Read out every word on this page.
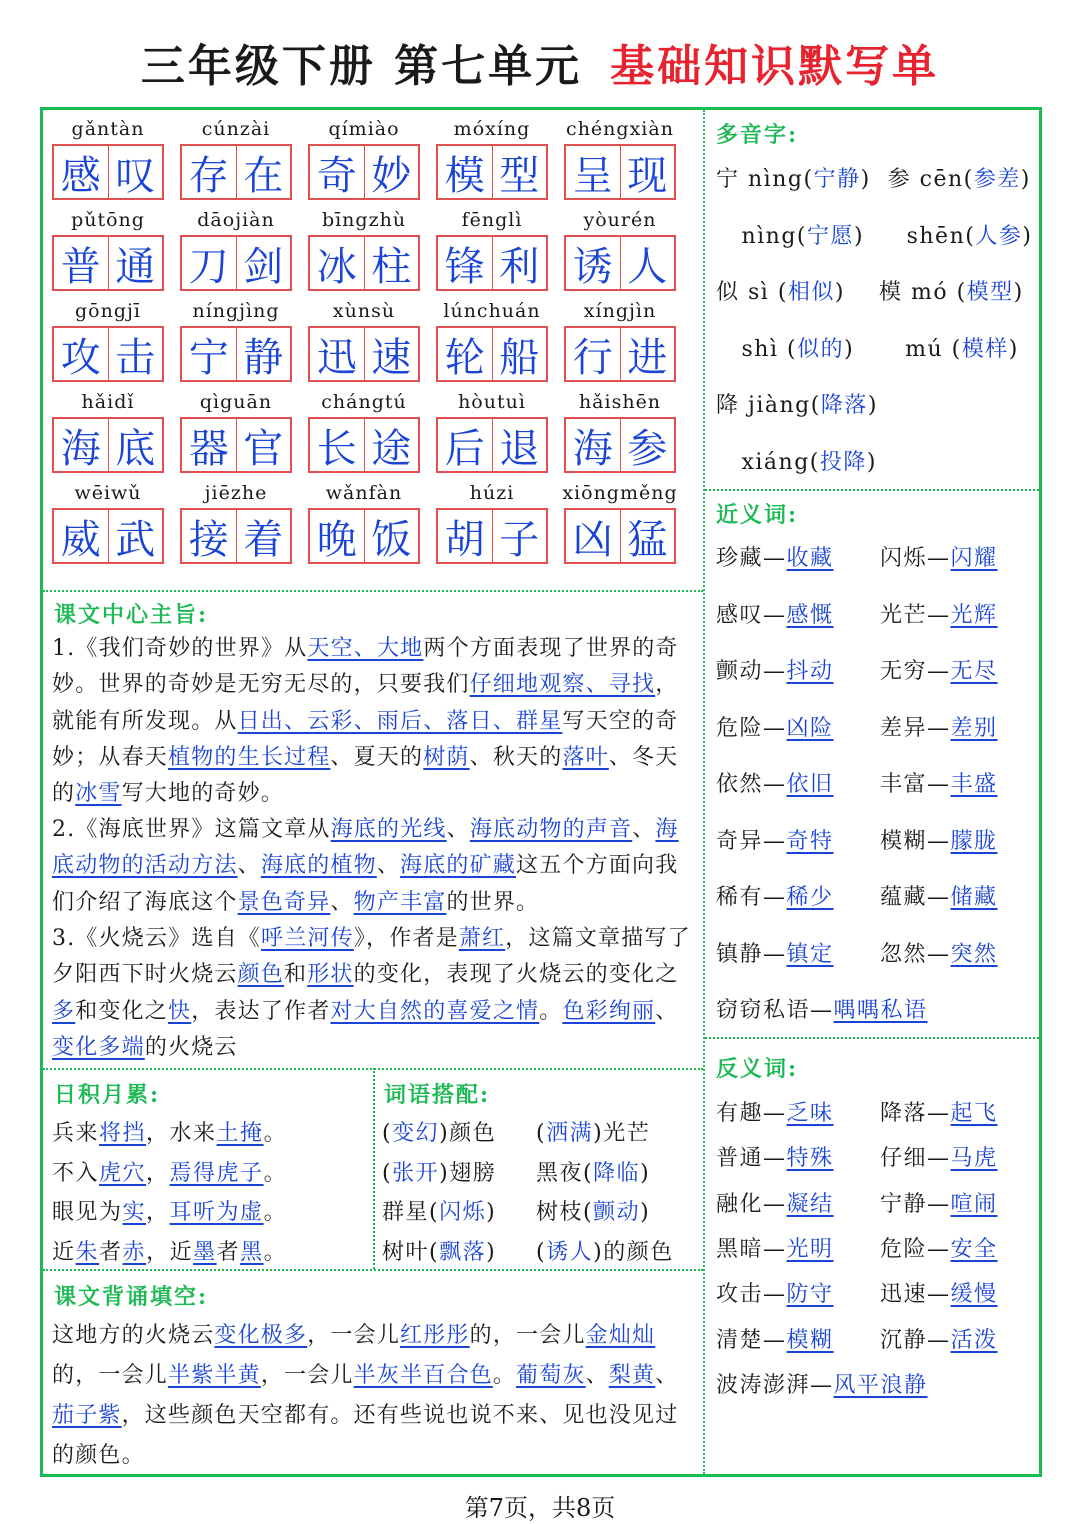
三年级下册 第七单元 基础知识默写单
gǎntàn
感 叹
cúnzài
存 在
qímiào
奇 妙
móxíng
模 型
chéngxiàn
呈 现
pǔtōng
普 通
dāojiàn
刀 剑
bīngzhù
冰 柱
fēnglì
锋 利
yòurén
诱 人
gōngjī
攻 击
níngjìng
宁 静
xùnsù
迅 速
lúnchuán
轮 船
xíngjìn
行 进
hǎidǐ
海 底
qìguān
器 官
chángtú
长 途
hòutuì
后 退
hǎishēn
海 参
wēiwǔ
威 武
jiēzhe
接 着
wǎnfàn
晚 饭
húzi
胡 子
xiōngměng
凶 猛
课文中心主旨:
1.《我们奇妙的世界》从天空、大地两个方面表现了世界的奇妙。世界的奇妙是无穷无尽的，只要我们仔细地观察、寻找，就能有所发现。从日出、云彩、雨后、落日、群星写天空的奇妙；从春天植物的生长过程、夏天的树荫、秋天的落叶、冬天的冰雪写大地的奇妙。
2.《海底世界》这篇文章从海底的光线、海底动物的声音、海底动物的活动方法、海底的植物、海底的矿藏这五个方面向我们介绍了海底这个景色奇异、物产丰富的世界。
3.《火烧云》选自《呼兰河传》，作者是萧红，这篇文章描写了夕阳西下时火烧云颜色和形状的变化，表现了火烧云的变化之多和变化之快，表达了作者对大自然的喜爱之情。色彩绚丽、变化多端的火烧云
日积月累:
兵来将挡，水来土掩。
不入虎穴，焉得虎子。
眼见为实，耳听为虚。
近朱者赤，近墨者黑。
词语搭配:
(变幻)颜色 (洒满)光芒
(张开)翅膀 黑夜(降临)
群星(闪烁) 树枝(颤动)
树叶(飘落) (诱人)的颜色
课文背诵填空:
这地方的火烧云变化极多，一会儿红彤彤的，一会儿金灿灿的，一会儿半紫半黄，一会儿半灰半百合色。葡萄灰、梨黄、茄子紫，这些颜色天空都有。还有些说也说不来、见也没见过的颜色。
多音字:
宁 nìng(宁静)  参 cēn(参差)
nìng(宁愿)     shēn(人参)
似 sì (相似)    模 mó (模型)
shì (似的)      mú (模样)
降 jiàng(降落)
xiáng(投降)
近义词:
珍藏—收藏 闪烁—闪耀
感叹—感慨 光芒—光辉
颤动—抖动 无穷—无尽
危险—凶险 差异—差别
依然—依旧 丰富—丰盛
奇异—奇特 模糊—朦胧
稀有—稀少 蕴藏—储藏
镇静—镇定 忽然—突然
窃窃私语—喁喁私语
反义词:
有趣—乏味 降落—起飞
普通—特殊 仔细—马虎
融化—凝结 宁静—喧闹
黑暗—光明 危险—安全
攻击—防守 迅速—缓慢
清楚—模糊 沉静—活泼
波涛澎湃—风平浪静
第7页，共8页
